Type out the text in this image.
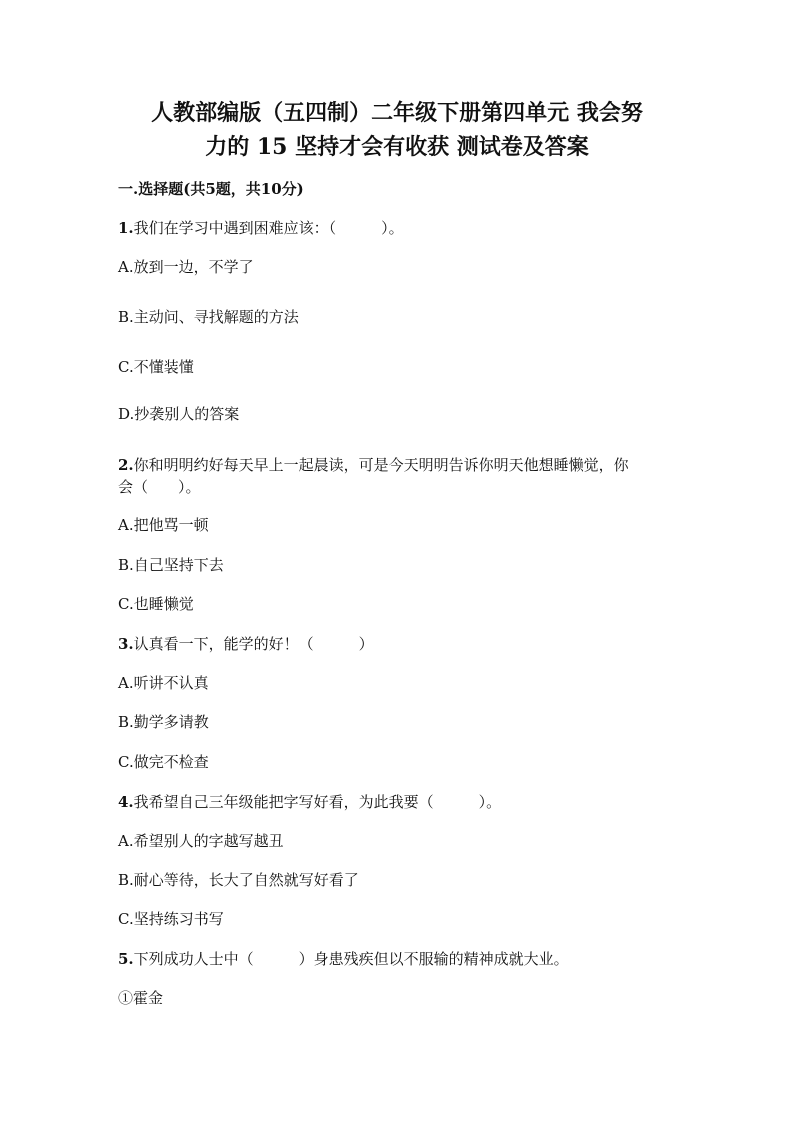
人教部编版（五四制）二年级下册第四单元 我会努
力的 15 坚持才会有收获 测试卷及答案
一.选择题(共5题，共10分)

1.我们在学习中遇到困难应该：（　　　）。

A.放到一边，不学了

B.主动问、寻找解题的方法

C.不懂装懂

D.抄袭别人的答案

2.你和明明约好每天早上一起晨读，可是今天明明告诉你明天他想睡懒觉，你

会（　　）。

A.把他骂一顿

B.自己坚持下去

C.也睡懒觉

3.认真看一下，能学的好！（　　　）

A.听讲不认真

B.勤学多请教

C.做完不检查

4.我希望自己三年级能把字写好看，为此我要（　　　）。

A.希望别人的字越写越丑

B.耐心等待，长大了自然就写好看了

C.坚持练习书写

5.下列成功人士中（　　　）身患残疾但以不服输的精神成就大业。

①霍金
